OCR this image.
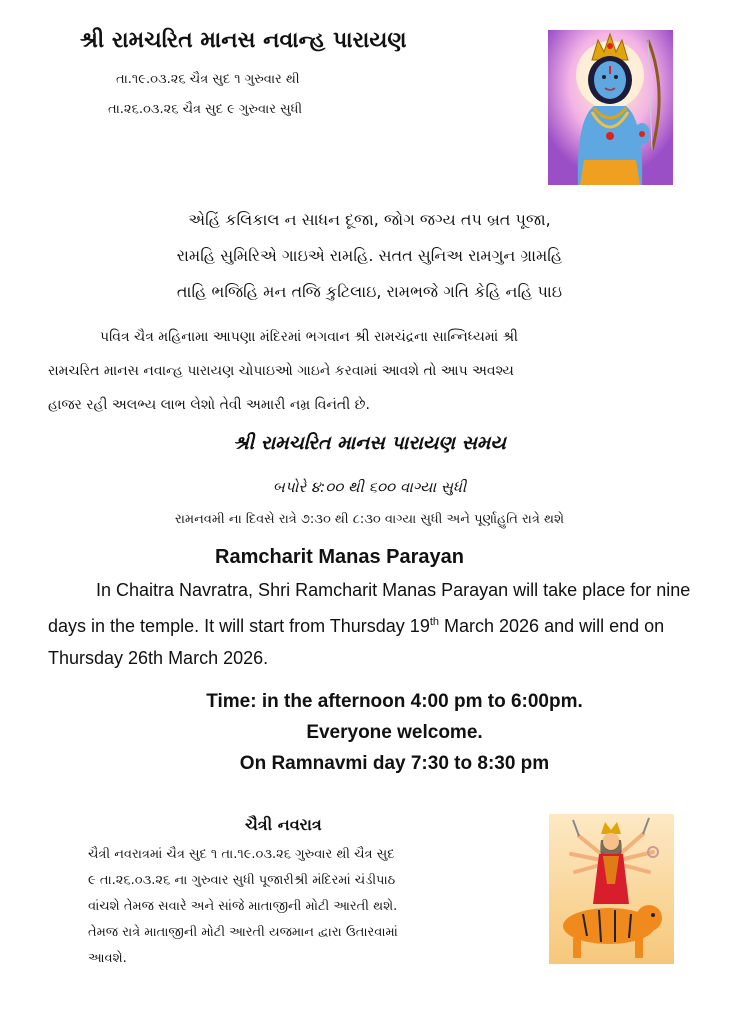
શ્રી રામચરિત માનસ નવાન્હ પારાયણ
તા.૧૯.૦૩.૨૬ ચૈત્ર સુદ ૧ ગુરુવાર થી
તા.૨૬.૦૩.૨૬ ચૈત્ર સુદ ૯ ગુરુવાર સુધી
એહિં કલિકાલ ન સાધન દૂજા, જોગ જગ્ય તપ બ્રત પૂજા,
રામહિ સુમિરિએ ગાઇએ રામહિ. સતત સુનિઅ રામગુન ગ્રામહિ
તાહિ ભજિહિ મન તજિ કુટિલાઇ, રામભજે ગતિ કેહિ નહિ પાઇ
પવિત્ર ચૈત્ર મહિનામા આપણા મંદિરમાં ભગવાન શ્રી રામચંદ્રના સાન્નિધ્યમાં શ્રી
રામચરિત માનસ નવાન્હ પારાયણ ચોપાઇઓ ગાઇને કરવામાં આવશે તો આપ અવશ્ય
હાજર રહી અલભ્ય લાભ લેશો તેવી અમારી નમ્ર વિનંતી છે.
શ્રી રામચરિત માનસ પારાયણ સમય
બપોરે ૪:૦૦ થી ૬૦૦ વાગ્યા સુધી
રામનવમી ના દિવસે રાત્રે ૭:૩૦ થી ૮:૩૦ વાગ્યા સુધી અને પૂર્ણાહુતિ રાત્રે થશે
Ramcharit Manas Parayan
In Chaitra Navratra, Shri Ramcharit Manas Parayan will take place for nine days in the temple. It will start from Thursday 19th March 2026 and will end on Thursday 26th March 2026.
Time: in the afternoon 4:00 pm to 6:00pm.
Everyone welcome.
On Ramnavmi day 7:30 to 8:30 pm
ચૈત્રી નવરાત્ર
ચૈત્રી નવરાત્રમાં ચૈત્ર સુદ ૧ તા.૧૯.૦૩.૨૬ ગુરુવાર થી ચૈત્ર સુદ
૯ તા.૨૬.૦૩.૨૬ ના ગુરુવાર સુધી પૂજારીશ્રી મંદિરમાં ચંડીપાઠ
વાંચશે તેમજ સવારે અને સાંજે માતાજીની મોટી આરતી થશે.
તેમજ રાત્રે માતાજીની મોટી આરતી યજમાન દ્વારા ઉતારવામાં
આવશે.
